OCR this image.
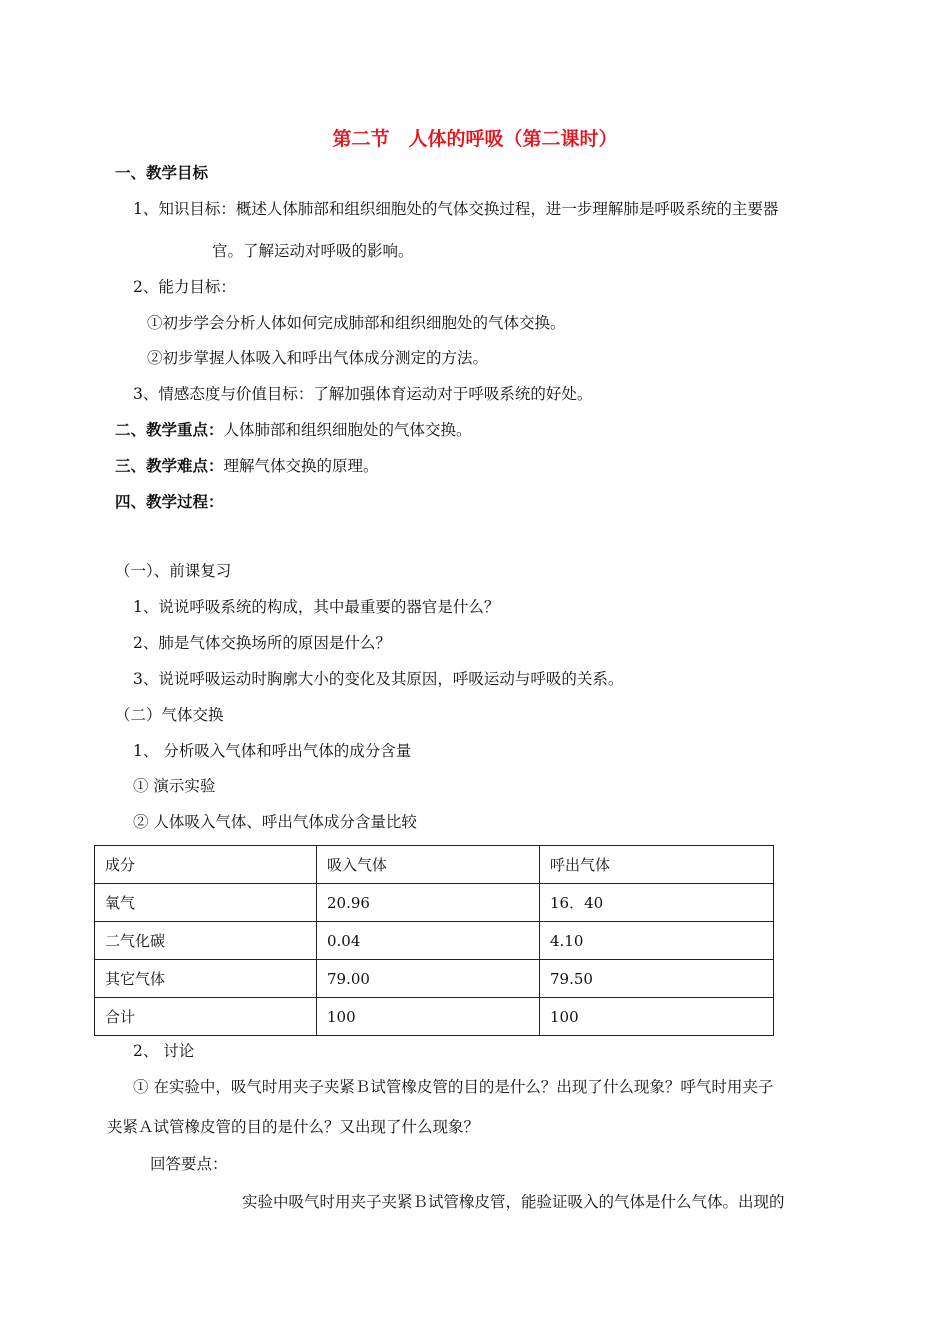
第二节　人体的呼吸（第二课时）
一、教学目标
1、知识目标：概述人体肺部和组织细胞处的气体交换过程，进一步理解肺是呼吸系统的主要器
官。了解运动对呼吸的影响。
2、能力目标：
①初步学会分析人体如何完成肺部和组织细胞处的气体交换。
②初步掌握人体吸入和呼出气体成分测定的方法。
3、情感态度与价值目标：了解加强体育运动对于呼吸系统的好处。
二、教学重点：人体肺部和组织细胞处的气体交换。
三、教学难点：理解气体交换的原理。
四、教学过程：
（一）、前课复习
1、说说呼吸系统的构成，其中最重要的器官是什么？
2、肺是气体交换场所的原因是什么？
3、说说呼吸运动时胸廓大小的变化及其原因，呼吸运动与呼吸的关系。
（二）气体交换
1、 分析吸入气体和呼出气体的成分含量
① 演示实验
② 人体吸入气体、呼出气体成分含量比较
成分	吸入气体	呼出气体
氧气	20.96	16．40
二气化碳	0.04	4.10
其它气体	79.00	79.50
合计	100	100
2、 讨论
① 在实验中，吸气时用夹子夹紧Ｂ试管橡皮管的目的是什么？出现了什么现象？呼气时用夹子
夹紧Ａ试管橡皮管的目的是什么？又出现了什么现象？
回答要点：
实验中吸气时用夹子夹紧Ｂ试管橡皮管，能验证吸入的气体是什么气体。出现的
